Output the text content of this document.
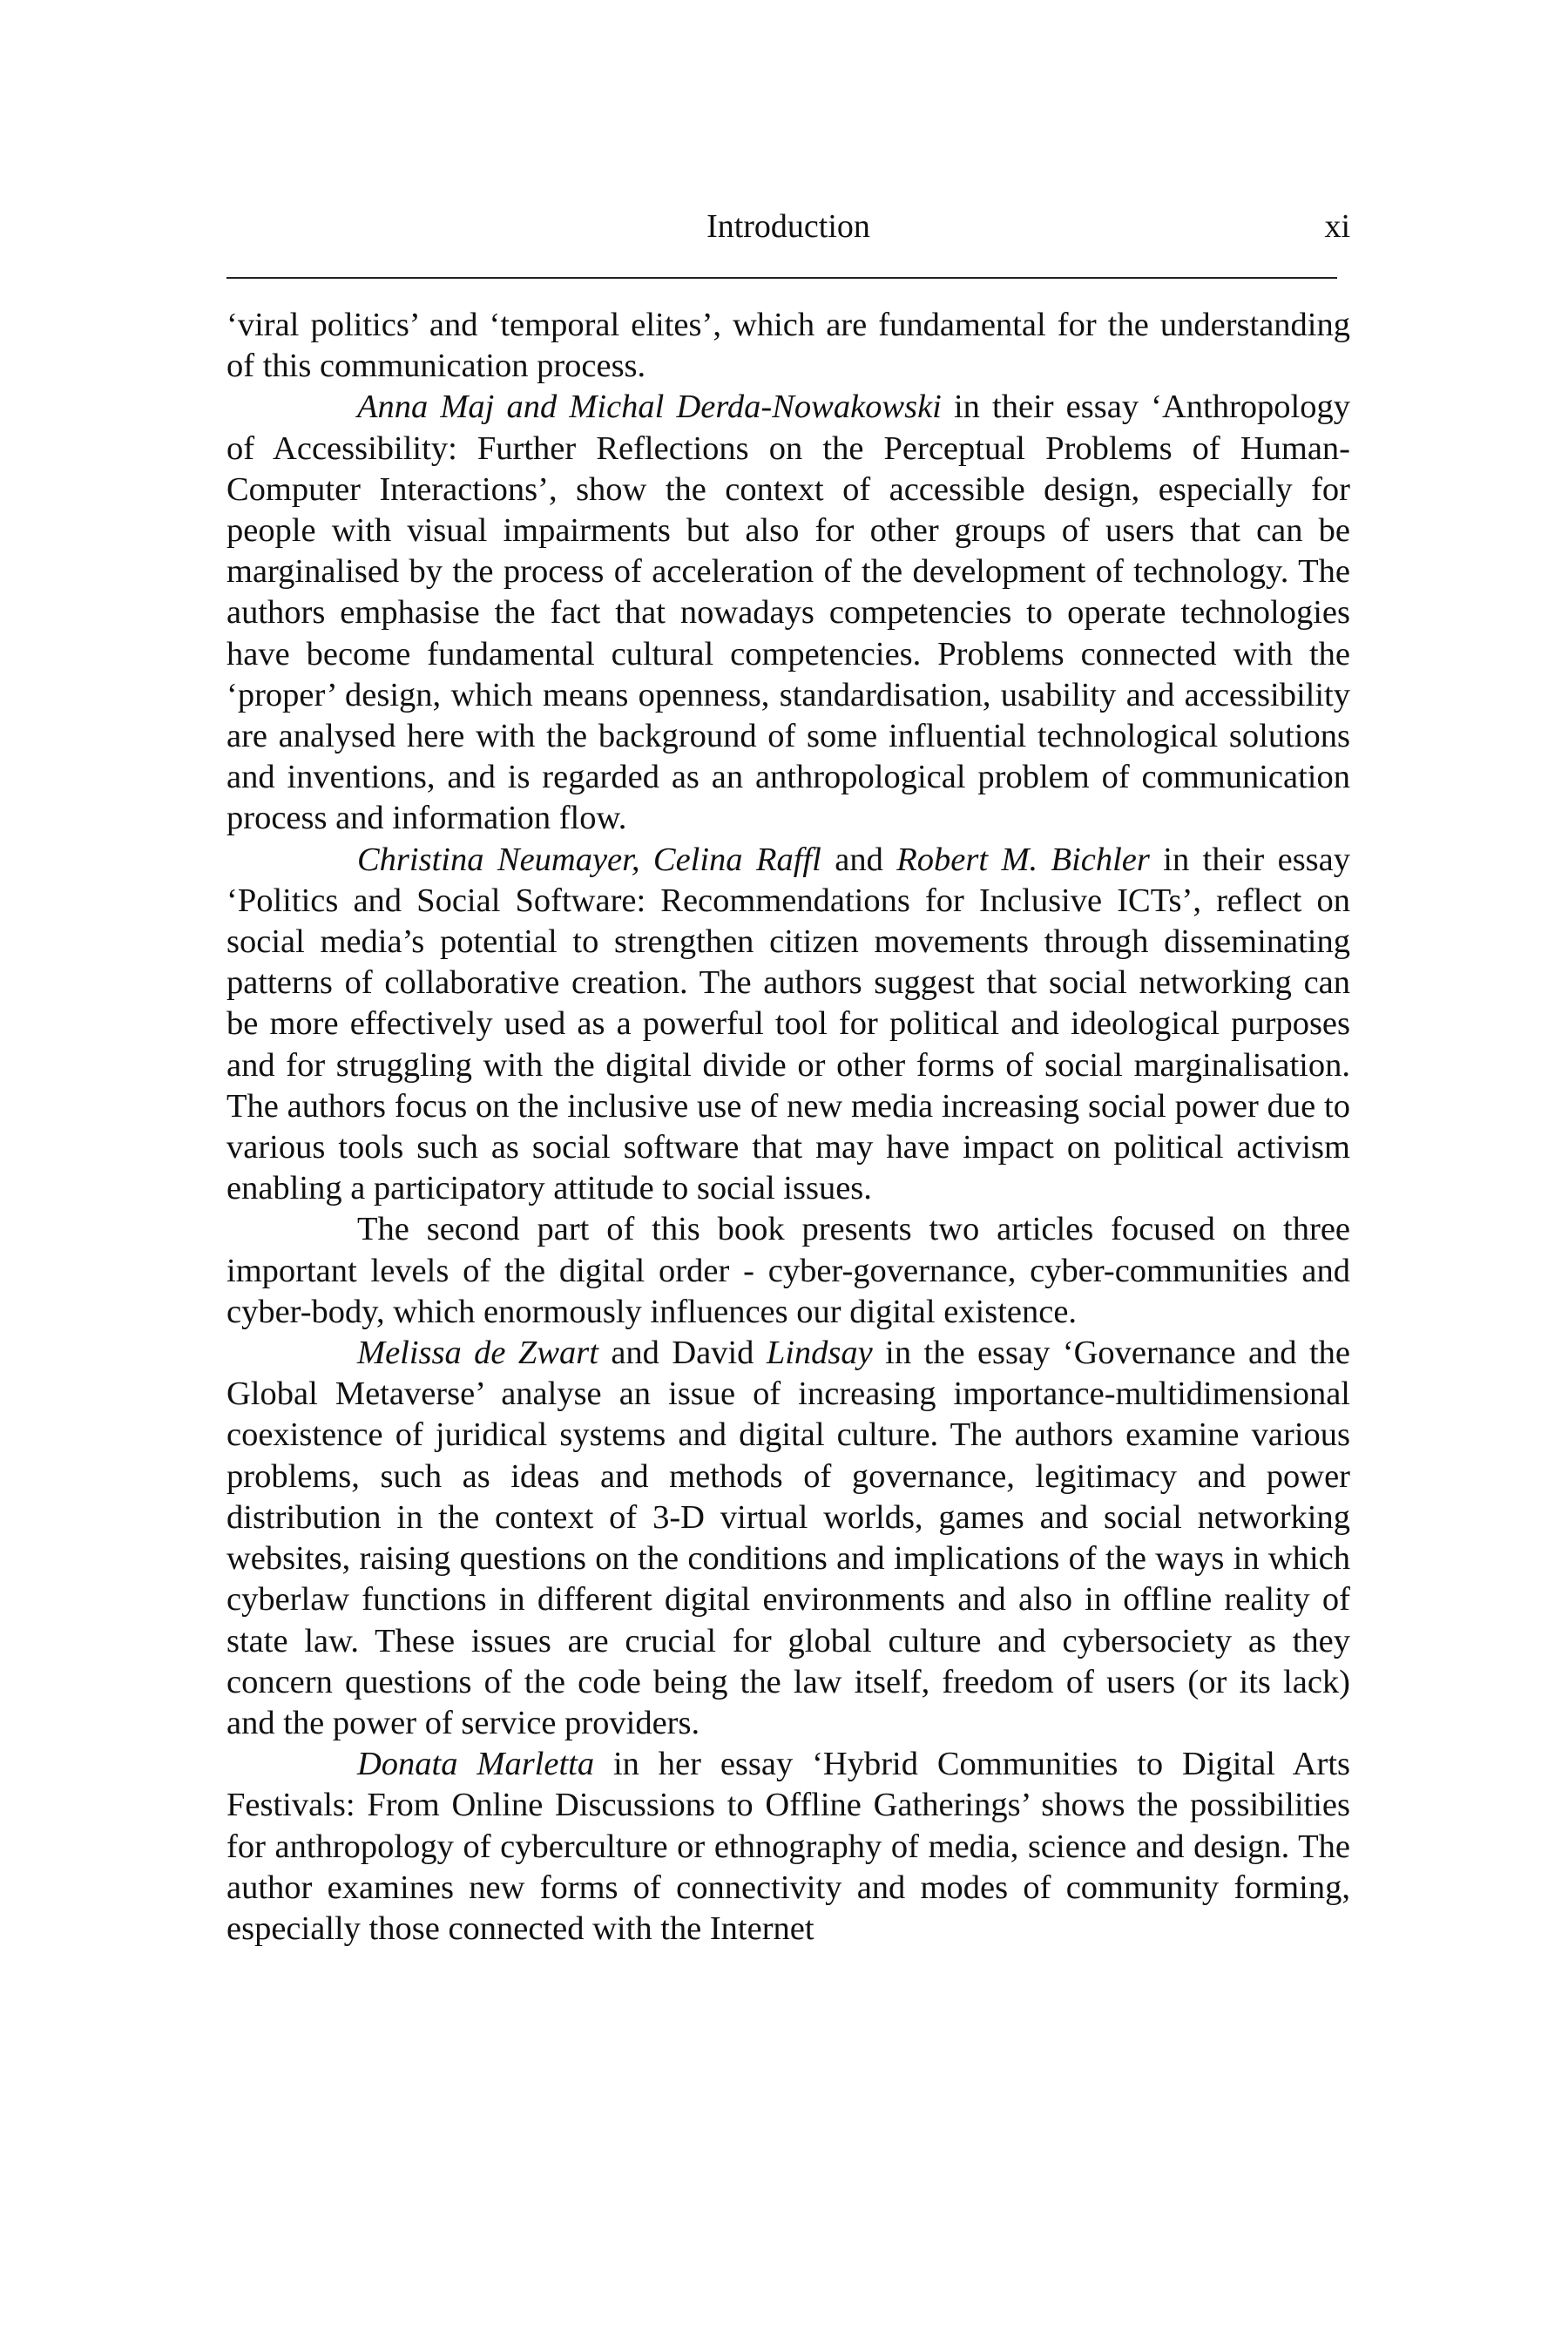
Introduction	xi

‘viral politics’ and ‘temporal elites’, which are fundamental for the understanding of this communication process.

Anna Maj and Michal Derda-Nowakowski in their essay ‘Anthropology of Accessibility: Further Reflections on the Perceptual Problems of Human-Computer Interactions’, show the context of accessible design, especially for people with visual impairments but also for other groups of users that can be marginalised by the process of acceleration of the development of technology. The authors emphasise the fact that nowadays competencies to operate technologies have become fundamental cultural competencies. Problems connected with the ‘proper’ design, which means openness, standardisation, usability and accessibility are analysed here with the background of some influential technological solutions and inventions, and is regarded as an anthropological problem of communication process and information flow.

Christina Neumayer, Celina Raffl and Robert M. Bichler in their essay ‘Politics and Social Software: Recommendations for Inclusive ICTs’, reflect on social media’s potential to strengthen citizen movements through disseminating patterns of collaborative creation. The authors suggest that social networking can be more effectively used as a powerful tool for political and ideological purposes and for struggling with the digital divide or other forms of social marginalisation. The authors focus on the inclusive use of new media increasing social power due to various tools such as social software that may have impact on political activism enabling a participatory attitude to social issues.

The second part of this book presents two articles focused on three important levels of the digital order - cyber-governance, cyber-communities and cyber-body, which enormously influences our digital existence.

Melissa de Zwart and David Lindsay in the essay ‘Governance and the Global Metaverse’ analyse an issue of increasing importance-multidimensional coexistence of juridical systems and digital culture. The authors examine various problems, such as ideas and methods of governance, legitimacy and power distribution in the context of 3-D virtual worlds, games and social networking websites, raising questions on the conditions and implications of the ways in which cyberlaw functions in different digital environments and also in offline reality of state law. These issues are crucial for global culture and cybersociety as they concern questions of the code being the law itself, freedom of users (or its lack) and the power of service providers.

Donata Marletta in her essay ‘Hybrid Communities to Digital Arts Festivals: From Online Discussions to Offline Gatherings’ shows the possibilities for anthropology of cyberculture or ethnography of media, science and design. The author examines new forms of connectivity and modes of community forming, especially those connected with the Internet
